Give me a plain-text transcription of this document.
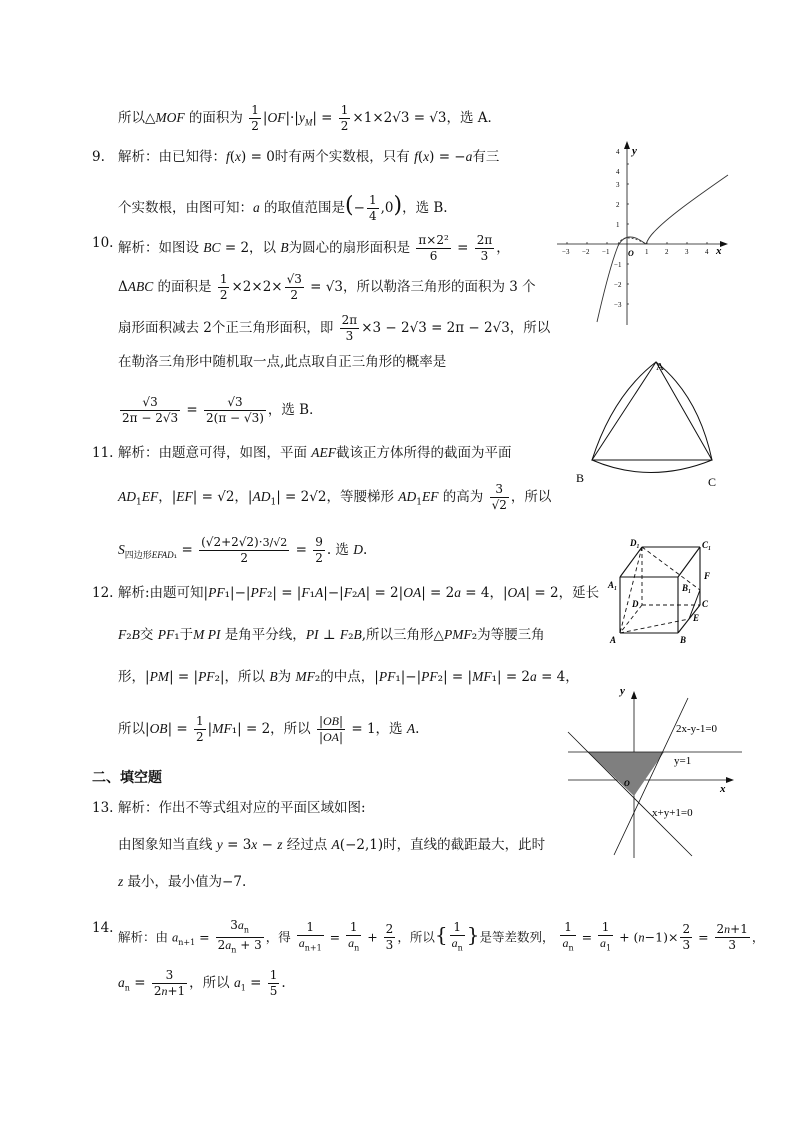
所以△MOF 的面积为 $\frac{1}{2} |OF|\cdot|y_M| = \frac{1}{2} \times 1\times 2√3 = √3$，选 A．
9. 解析：由已知得：f(x) = 0时有两个实数根，只有 f(x) = −a有三
个实数根，由图可知：a 的取值范围是(− $\frac{1}{4} ,0$)，选 B.
10. 解析：如图设 BC = 2，以 B为圆心的扇形面积是 $\frac{\text{π×2²}}{6} = \frac{2\pi}{3}$ ，
ΔABC 的面积是 $\frac{1}{2} \times 2\times 2\times \frac{√3}{2} = √3$，所以勒洛三角形的面积为 3 个
扇形面积减去 2个正三角形面积，即 $\frac{2\pi}{3} \times 3 - 2√3 = 2\pi - 2√3$，所以
在勒洛三角形中随机取一点,此点取自正三角形的概率是
$\frac{√3}{2\pi - 2√3} = \frac{√3}{2(\pi - √3)}$ ，选 B．
11. 解析：由题意可得，如图，平面 AEF截该正方体所得的截面为平面
$AD_1EF$，|EF| = √2，$|AD_1| = 2√2$，等腰梯形 $AD_1EF$ 的高为 $\frac{3}{√2}$ ，所以
$S_{四边形EFAD_1} = \frac{(√2+2√2)\cdot 3/√2}{2} = \frac{9}{2}$ . 选 D.
12. 解析:由题可知|PF₁|−|PF₂| = |F₁A|−|F₂A| = 2|OA| = 2a = 4，|OA| = 2，延长
F₂B交 PF₁于M PI 是角平分线，PI ⊥ F₂B,所以三角形△PMF₂为等腰三角
形，|PM| = |PF₂|，所以 B为 MF₂的中点，|PF₁|−|PF₂| = |MF₁| = 2a = 4，
所以$|OB| = \frac{1}{2} |MF_1| = 2$，所以 $\frac{|OB|}{|OA|} = 1$，选 A.
二、填空题
13. 解析：作出不等式组对应的平面区域如图:
由图象知当直线 y = 3x − z 经过点 A(−2,1)时，直线的截距最大，此时
z 最小，最小值为−7.
14.
解析：由 $a_{n+1} = \frac{3a_n}{2a_n + 3}$ ，得 $\frac{1}{a_{n+1}} = \frac{1}{a_n} + \frac{2}{3}$ ，所以{ $\frac{1}{a_n}$ }是等差数列， $\frac{1}{a_n} = \frac{1}{a_1} + (n-1)\times \frac{2}{3} = \frac{2n+1}{3}$ ，
$a_n = \frac{3}{2n+1}$ ，所以 $a_1 = \frac{1}{5}$ .
−3 −2 −1	1 2 3 4
4
4
3
2
1
−1
−2
−3
O	x
y
A
B	C
D₁	C₁
F
A₁	B₁
C
D
E
A	B
y
x
O
2x-y-1=0
y=1
x+y+1=0
